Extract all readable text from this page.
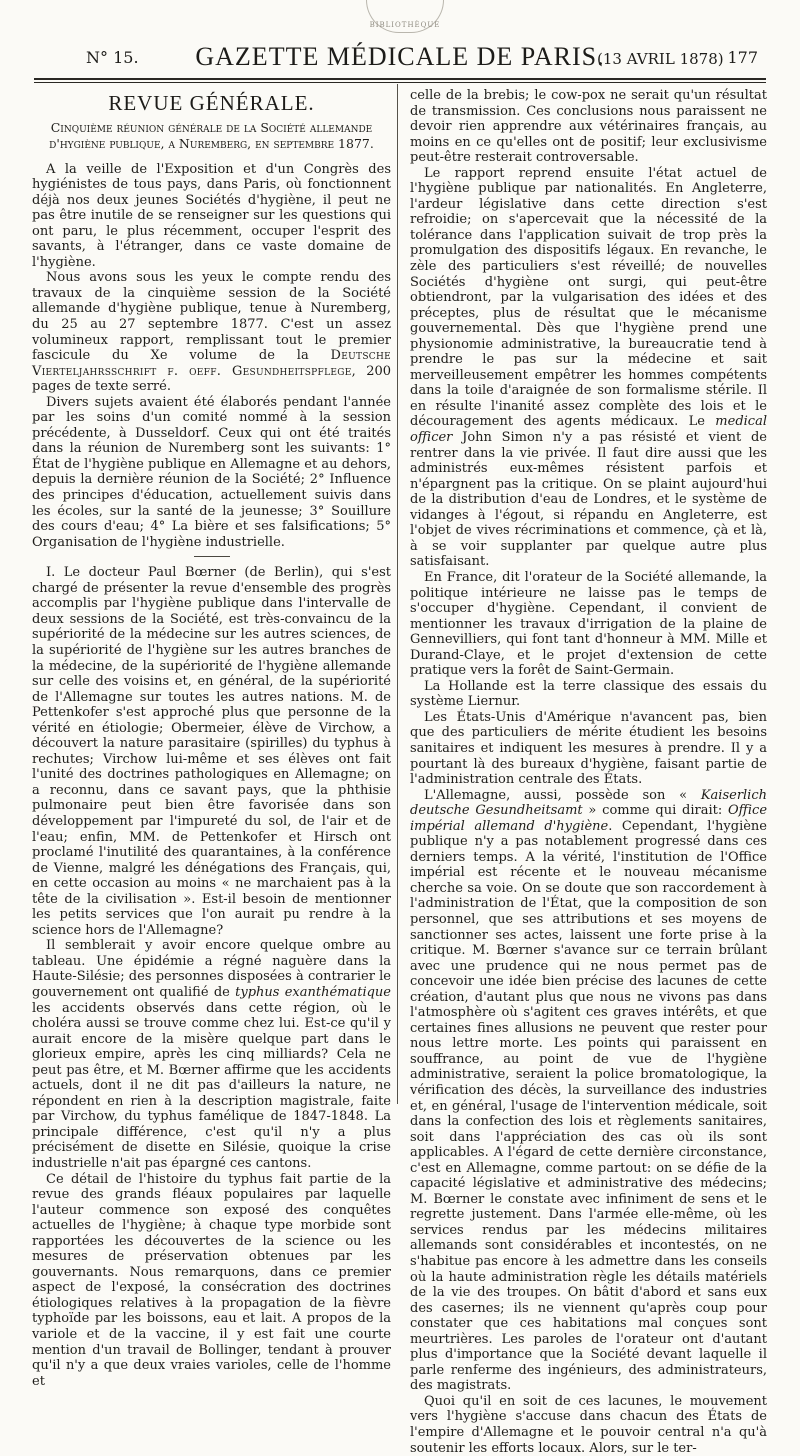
BIBLIOTHÈQUE
N° 15.	GAZETTE MÉDICALE DE PARIS.
(13 AVRIL 1878) 177
REVUE GÉNÉRALE.
Cinquième réunion générale de la Société allemande d'hygiène publique, a Nuremberg, en septembre 1877.

A la veille de l'Exposition et d'un Congrès des hygiénistes de tous pays, dans Paris, où fonctionnent déjà nos deux jeunes Sociétés d'hygiène, il peut ne pas être inutile de se renseigner sur les questions qui ont paru, le plus récemment, occuper l'esprit des savants, à l'étranger, dans ce vaste domaine de l'hygiène.

Nous avons sous les yeux le compte rendu des travaux de la cinquième session de la Société allemande d'hygiène publique, tenue à Nuremberg, du 25 au 27 septembre 1877. C'est un assez volumineux rapport, remplissant tout le premier fascicule du Xe volume de la Deutsche Vierteljahrsschrift f. oeff. Gesundheitspflege, 200 pages de texte serré.

Divers sujets avaient été élaborés pendant l'année par les soins d'un comité nommé à la session précédente, à Dusseldorf. Ceux qui ont été traités dans la réunion de Nuremberg sont les suivants: 1° État de l'hygiène publique en Allemagne et au dehors, depuis la dernière réunion de la Société; 2° Influence des principes d'éducation, actuellement suivis dans les écoles, sur la santé de la jeunesse; 3° Souillure des cours d'eau; 4° La bière et ses falsifications; 5° Organisation de l'hygiène industrielle.

I. Le docteur Paul Bœrner (de Berlin), qui s'est chargé de présenter la revue d'ensemble des progrès accomplis par l'hygiène publique dans l'intervalle de deux sessions de la Société, est très-convaincu de la supériorité de la médecine sur les autres sciences, de la supériorité de l'hygiène sur les autres branches de la médecine, de la supériorité de l'hygiène allemande sur celle des voisins et, en général, de la supériorité de l'Allemagne sur toutes les autres nations. M. de Pettenkofer s'est approché plus que personne de la vérité en étiologie; Obermeier, élève de Virchow, a découvert la nature parasitaire (spirilles) du typhus à rechutes; Virchow lui-même et ses élèves ont fait l'unité des doctrines pathologiques en Allemagne; on a reconnu, dans ce savant pays, que la phthisie pulmonaire peut bien être favorisée dans son développement par l'impureté du sol, de l'air et de l'eau; enfin, MM. de Pettenkofer et Hirsch ont proclamé l'inutilité des quarantaines, à la conférence de Vienne, malgré les dénégations des Français, qui, en cette occasion au moins « ne marchaient pas à la tête de la civilisation ». Est-il besoin de mentionner les petits services que l'on aurait pu rendre à la science hors de l'Allemagne?

Il semblerait y avoir encore quelque ombre au tableau. Une épidémie a régné naguère dans la Haute-Silésie; des personnes disposées à contrarier le gouvernement ont qualifié de typhus exanthématique les accidents observés dans cette région, où le choléra aussi se trouve comme chez lui. Est-ce qu'il y aurait encore de la misère quelque part dans le glorieux empire, après les cinq milliards? Cela ne peut pas être, et M. Bœrner affirme que les accidents actuels, dont il ne dit pas d'ailleurs la nature, ne répondent en rien à la description magistrale, faite par Virchow, du typhus famélique de 1847-1848. La principale différence, c'est qu'il n'y a plus précisément de disette en Silésie, quoique la crise industrielle n'ait pas épargné ces cantons.

Ce détail de l'histoire du typhus fait partie de la revue des grands fléaux populaires par laquelle l'auteur commence son exposé des conquêtes actuelles de l'hygiène; à chaque type morbide sont rapportées les découvertes de la science ou les mesures de préservation obtenues par les gouvernants. Nous remarquons, dans ce premier aspect de l'exposé, la consécration des doctrines étiologiques relatives à la propagation de la fièvre typhoïde par les boissons, eau et lait. A propos de la variole et de la vaccine, il y est fait une courte mention d'un travail de Bollinger, tendant à prouver qu'il n'y a que deux vraies varioles, celle de l'homme et

celle de la brebis; le cow-pox ne serait qu'un résultat de transmission. Ces conclusions nous paraissent ne devoir rien apprendre aux vétérinaires français, au moins en ce qu'elles ont de positif; leur exclusivisme peut-être resterait controversable.

Le rapport reprend ensuite l'état actuel de l'hygiène publique par nationalités. En Angleterre, l'ardeur législative dans cette direction s'est refroidie; on s'apercevait que la nécessité de la tolérance dans l'application suivait de trop près la promulgation des dispositifs légaux. En revanche, le zèle des particuliers s'est réveillé; de nouvelles Sociétés d'hygiène ont surgi, qui peut-être obtiendront, par la vulgarisation des idées et des préceptes, plus de résultat que le mécanisme gouvernemental. Dès que l'hygiène prend une physionomie administrative, la bureaucratie tend à prendre le pas sur la médecine et sait merveilleusement empêtrer les hommes compétents dans la toile d'araignée de son formalisme stérile. Il en résulte l'inanité assez complète des lois et le découragement des agents médicaux. Le medical officer John Simon n'y a pas résisté et vient de rentrer dans la vie privée. Il faut dire aussi que les administrés eux-mêmes résistent parfois et n'épargnent pas la critique. On se plaint aujourd'hui de la distribution d'eau de Londres, et le système de vidanges à l'égout, si répandu en Angleterre, est l'objet de vives récriminations et commence, çà et là, à se voir supplanter par quelque autre plus satisfaisant.

En France, dit l'orateur de la Société allemande, la politique intérieure ne laisse pas le temps de s'occuper d'hygiène. Cependant, il convient de mentionner les travaux d'irrigation de la plaine de Gennevilliers, qui font tant d'honneur à MM. Mille et Durand-Claye, et le projet d'extension de cette pratique vers la forêt de Saint-Germain.

La Hollande est la terre classique des essais du système Liernur.

Les États-Unis d'Amérique n'avancent pas, bien que des particuliers de mérite étudient les besoins sanitaires et indiquent les mesures à prendre. Il y a pourtant là des bureaux d'hygiène, faisant partie de l'administration centrale des États.

L'Allemagne, aussi, possède son « Kaiserlich deutsche Gesundheitsamt » comme qui dirait: Office impérial allemand d'hygiène. Cependant, l'hygiène publique n'y a pas notablement progressé dans ces derniers temps. A la vérité, l'institution de l'Office impérial est récente et le nouveau mécanisme cherche sa voie. On se doute que son raccordement à l'administration de l'État, que la composition de son personnel, que ses attributions et ses moyens de sanctionner ses actes, laissent une forte prise à la critique. M. Bœrner s'avance sur ce terrain brûlant avec une prudence qui ne nous permet pas de concevoir une idée bien précise des lacunes de cette création, d'autant plus que nous ne vivons pas dans l'atmosphère où s'agitent ces graves intérêts, et que certaines fines allusions ne peuvent que rester pour nous lettre morte. Les points qui paraissent en souffrance, au point de vue de l'hygiène administrative, seraient la police bromatologique, la vérification des décès, la surveillance des industries et, en général, l'usage de l'intervention médicale, soit dans la confection des lois et règlements sanitaires, soit dans l'appréciation des cas où ils sont applicables. A l'égard de cette dernière circonstance, c'est en Allemagne, comme partout: on se défie de la capacité législative et administrative des médecins; M. Bœrner le constate avec infiniment de sens et le regrette justement. Dans l'armée elle-même, où les services rendus par les médecins militaires allemands sont considérables et incontestés, on ne s'habitue pas encore à les admettre dans les conseils où la haute administration règle les détails matériels de la vie des troupes. On bâtit d'abord et sans eux des casernes; ils ne viennent qu'après coup pour constater que ces habitations mal conçues sont meurtrières. Les paroles de l'orateur ont d'autant plus d'importance que la Société devant laquelle il parle renferme des ingénieurs, des administrateurs, des magistrats.

Quoi qu'il en soit de ces lacunes, le mouvement vers l'hygiène s'accuse dans chacun des États de l'empire d'Allemagne et le pouvoir central n'a qu'à soutenir les efforts locaux. Alors, sur le ter-
